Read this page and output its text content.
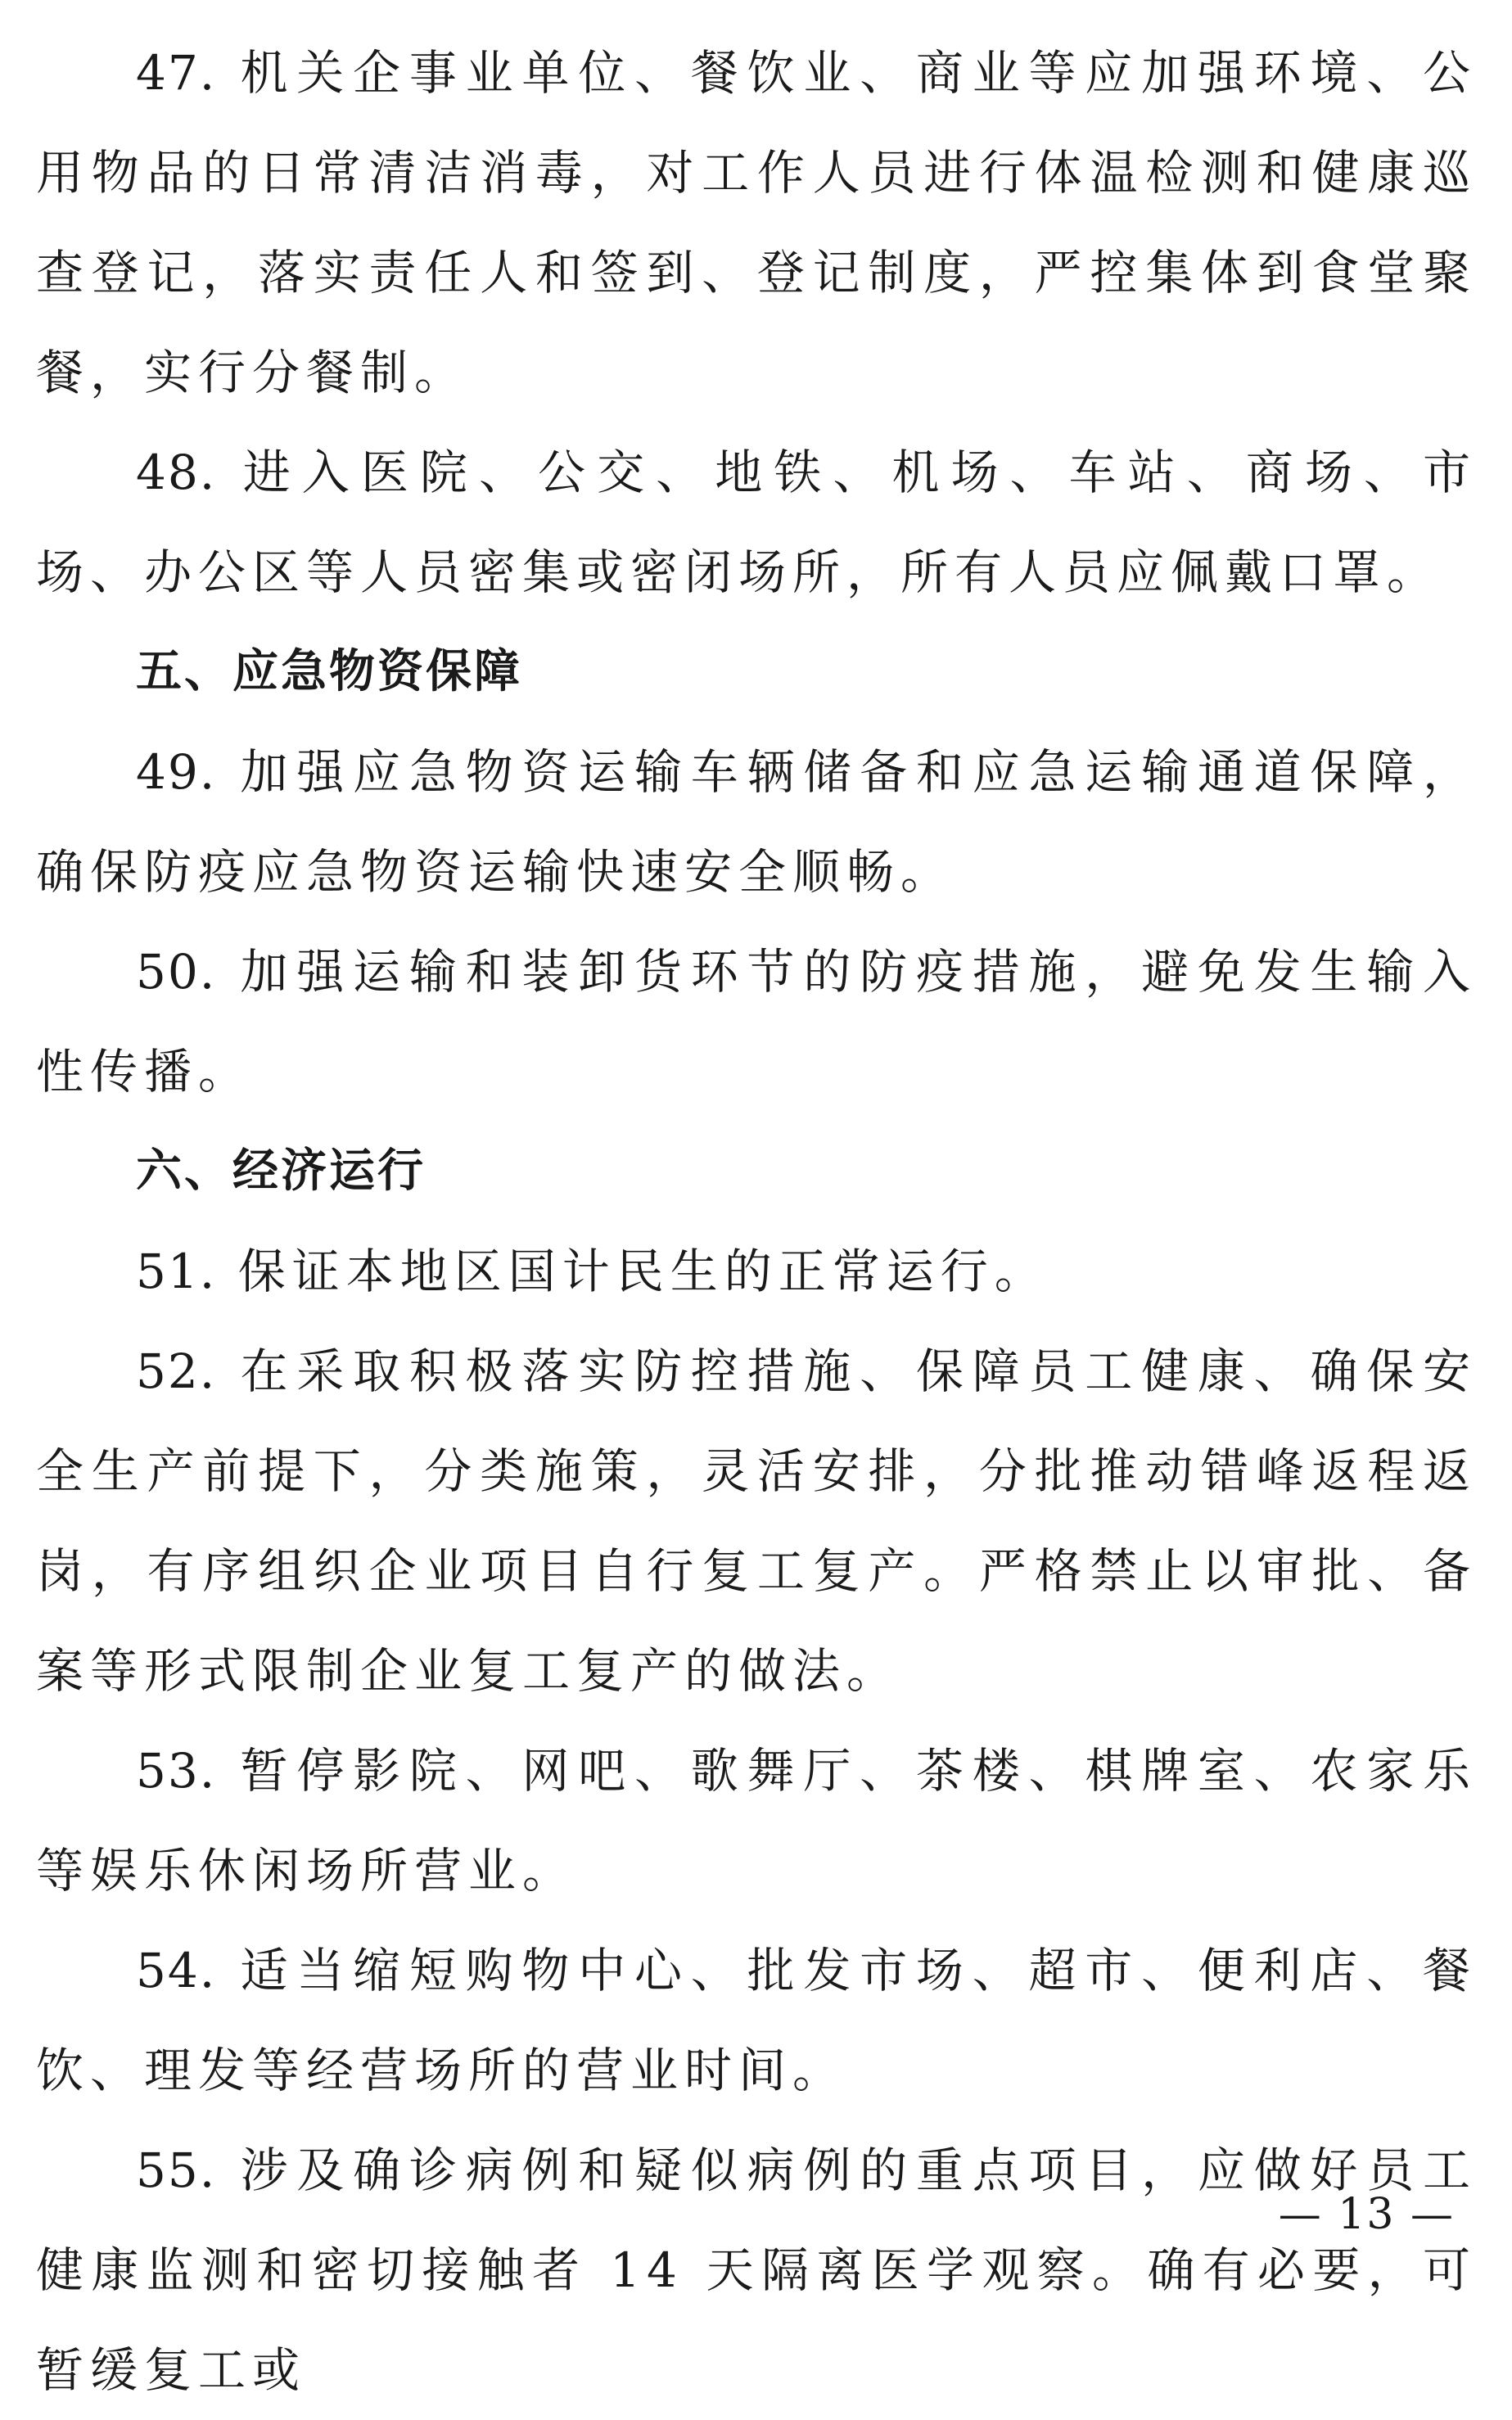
47. 机关企事业单位、餐饮业、商业等应加强环境、公用物品的日常清洁消毒，对工作人员进行体温检测和健康巡查登记，落实责任人和签到、登记制度，严控集体到食堂聚餐，实行分餐制。

48. 进入医院、公交、地铁、机场、车站、商场、市场、办公区等人员密集或密闭场所，所有人员应佩戴口罩。

五、应急物资保障

49. 加强应急物资运输车辆储备和应急运输通道保障，确保防疫应急物资运输快速安全顺畅。

50. 加强运输和装卸货环节的防疫措施，避免发生输入性传播。

六、经济运行

51. 保证本地区国计民生的正常运行。

52. 在采取积极落实防控措施、保障员工健康、确保安全生产前提下，分类施策，灵活安排，分批推动错峰返程返岗，有序组织企业项目自行复工复产。严格禁止以审批、备案等形式限制企业复工复产的做法。

53. 暂停影院、网吧、歌舞厅、茶楼、棋牌室、农家乐等娱乐休闲场所营业。

54. 适当缩短购物中心、批发市场、超市、便利店、餐饮、理发等经营场所的营业时间。

55. 涉及确诊病例和疑似病例的重点项目，应做好员工健康监测和密切接触者 14 天隔离医学观察。确有必要，可暂缓复工或

— 13 —
